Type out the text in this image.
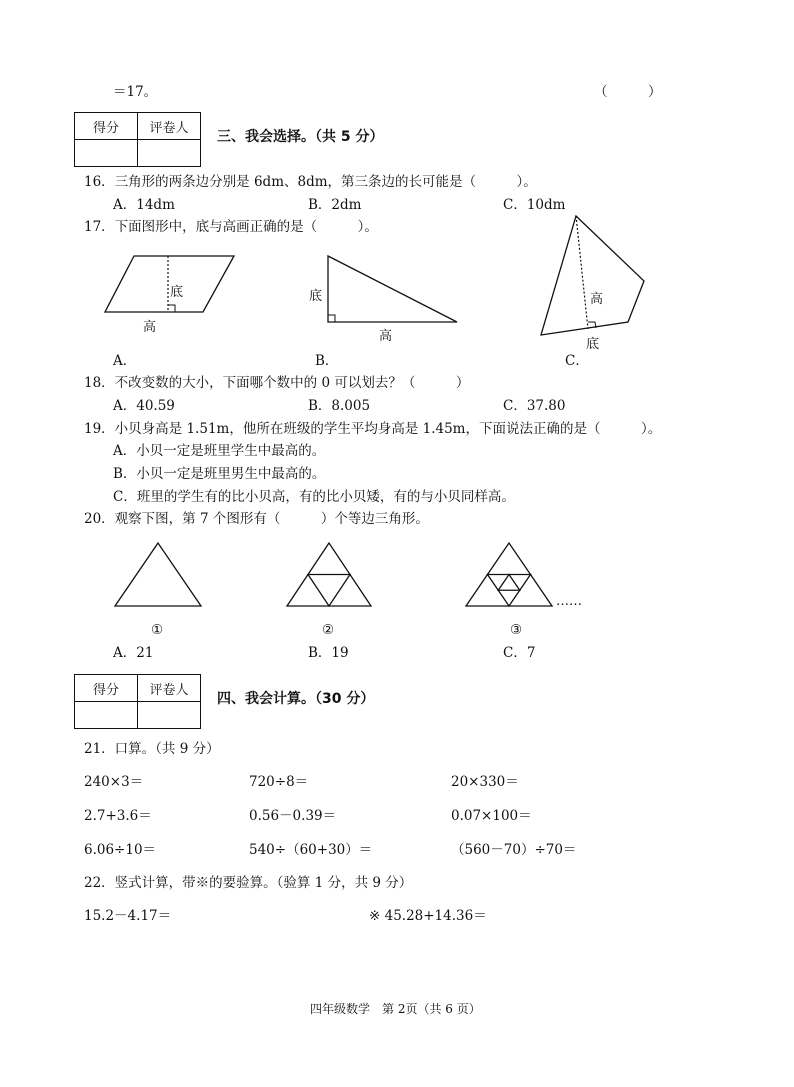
＝17。	（　　　）
得分	评卷人

三、我会选择。（共 5 分）
16．三角形的两条边分别是 6dm、8dm，第三条边的长可能是（　　　）。
A．14dm	B．2dm	C．10dm
17．下面图形中，底与高画正确的是（　　　）。
底
高
底
高
高
底
……
A．	B．	C．
18．不改变数的大小，下面哪个数中的 0 可以划去？（　　　）
A．40.59	B．8.005	C．37.80
19．小贝身高是 1.51m，他所在班级的学生平均身高是 1.45m，下面说法正确的是（　　　）。
A．小贝一定是班里学生中最高的。
B．小贝一定是班里男生中最高的。
C．班里的学生有的比小贝高，有的比小贝矮，有的与小贝同样高。
20．观察下图，第 7 个图形有（　　　）个等边三角形。
①	②	③
A．21	B．19	C．7
得分	评卷人

四、我会计算。（30 分）
21．口算。（共 9 分）
240×3＝	720÷8＝	20×330＝
2.7+3.6＝	0.56－0.39＝	0.07×100＝
6.06÷10＝	540÷（60+30）＝	（560－70）÷70＝
22．竖式计算，带※的要验算。（验算 1 分，共 9 分）
15.2－4.17＝	※ 45.28+14.36＝
四年级数学　第 2页（共 6 页）
